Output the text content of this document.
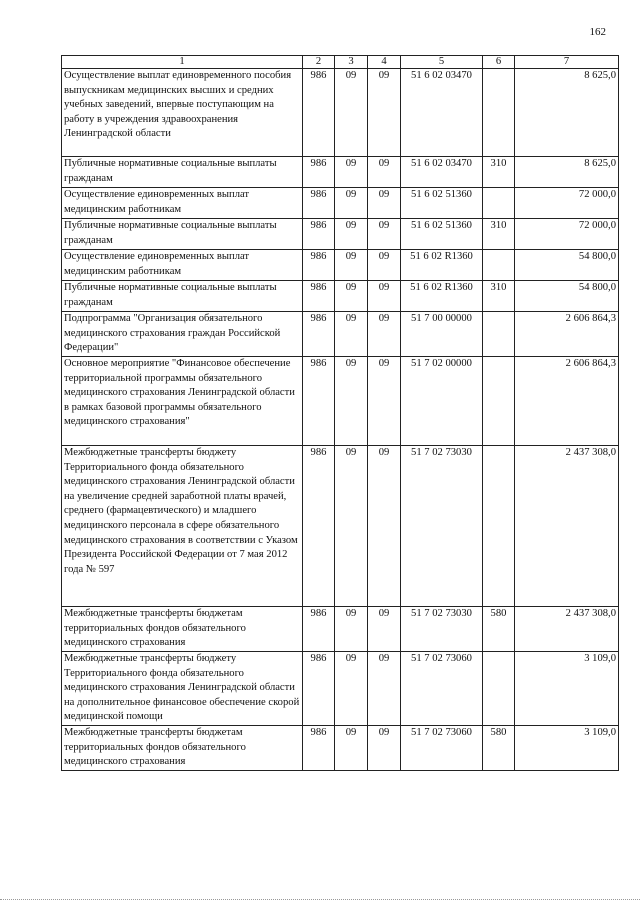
162
1	2	3	4	5	6	7
Осуществление выплат единовременного пособия выпускникам медицинских высших и средних учебных заведений, впервые поступающим на работу в учреждения здравоохранения Ленинградской области	986	09	09	51 6 02 03470		8 625,0
Публичные нормативные социальные выплаты гражданам	986	09	09	51 6 02 03470	310	8 625,0
Осуществление единовременных выплат медицинским работникам	986	09	09	51 6 02 51360		72 000,0
Публичные нормативные социальные выплаты гражданам	986	09	09	51 6 02 51360	310	72 000,0
Осуществление единовременных выплат медицинским работникам	986	09	09	51 6 02 R1360		54 800,0
Публичные нормативные социальные выплаты гражданам	986	09	09	51 6 02 R1360	310	54 800,0
Подпрограмма "Организация обязательного медицинского страхования граждан Российской Федерации"	986	09	09	51 7 00 00000		2 606 864,3
Основное мероприятие "Финансовое обеспечение территориальной программы обязательного медицинского страхования Ленинградской области в рамках базовой программы обязательного медицинского страхования"	986	09	09	51 7 02 00000		2 606 864,3
Межбюджетные трансферты бюджету Территориального фонда обязательного медицинского страхования Ленинградской области на увеличение средней заработной платы врачей, среднего (фармацевтического) и младшего медицинского персонала в сфере обязательного медицинского страхования в соответствии с Указом Президента Российской Федерации от 7 мая 2012 года № 597	986	09	09	51 7 02 73030		2 437 308,0
Межбюджетные трансферты бюджетам территориальных фондов обязательного медицинского страхования	986	09	09	51 7 02 73030	580	2 437 308,0
Межбюджетные трансферты бюджету Территориального фонда обязательного медицинского страхования Ленинградской области на дополнительное финансовое обеспечение скорой медицинской помощи	986	09	09	51 7 02 73060		3 109,0
Межбюджетные трансферты бюджетам территориальных фондов обязательного медицинского страхования	986	09	09	51 7 02 73060	580	3 109,0
